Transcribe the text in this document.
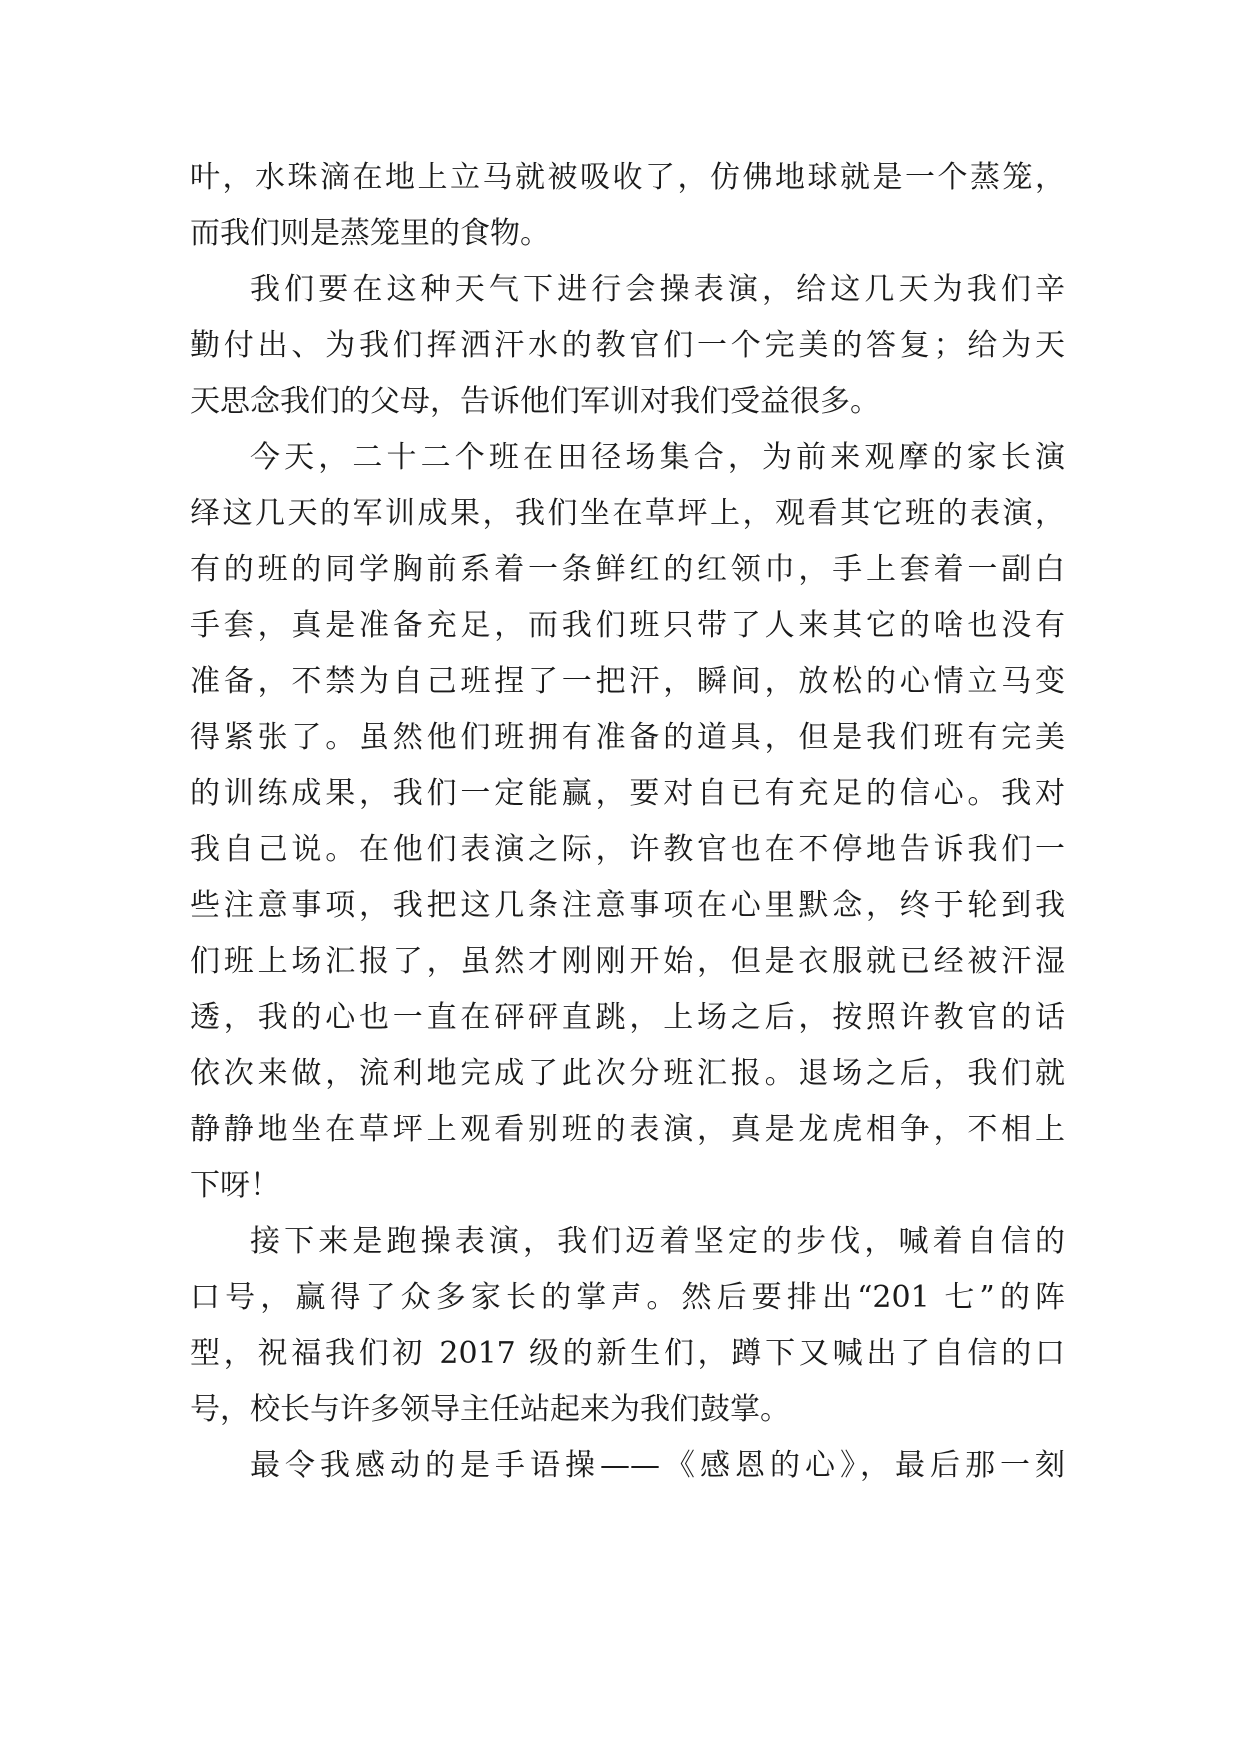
叶，水珠滴在地上立马就被吸收了，仿佛地球就是一个蒸笼，
而我们则是蒸笼里的食物。
我们要在这种天气下进行会操表演，给这几天为我们辛
勤付出、为我们挥洒汗水的教官们一个完美的答复；给为天
天思念我们的父母，告诉他们军训对我们受益很多。
今天，二十二个班在田径场集合，为前来观摩的家长演
绎这几天的军训成果，我们坐在草坪上，观看其它班的表演，
有的班的同学胸前系着一条鲜红的红领巾，手上套着一副白
手套，真是准备充足，而我们班只带了人来其它的啥也没有
准备，不禁为自己班捏了一把汗，瞬间，放松的心情立马变
得紧张了。虽然他们班拥有准备的道具，但是我们班有完美
的训练成果，我们一定能赢，要对自已有充足的信心。我对
我自己说。在他们表演之际，许教官也在不停地告诉我们一
些注意事项，我把这几条注意事项在心里默念，终于轮到我
们班上场汇报了，虽然才刚刚开始，但是衣服就已经被汗湿
透，我的心也一直在砰砰直跳，上场之后，按照许教官的话
依次来做，流利地完成了此次分班汇报。退场之后，我们就
静静地坐在草坪上观看别班的表演，真是龙虎相争，不相上
下呀！
接下来是跑操表演，我们迈着坚定的步伐，喊着自信的
口号，赢得了众多家长的掌声。然后要排出“201 七”的阵
型，祝福我们初 2017 级的新生们，蹲下又喊出了自信的口
号，校长与许多领导主任站起来为我们鼓掌。
最令我感动的是手语操——《感恩的心》，最后那一刻
